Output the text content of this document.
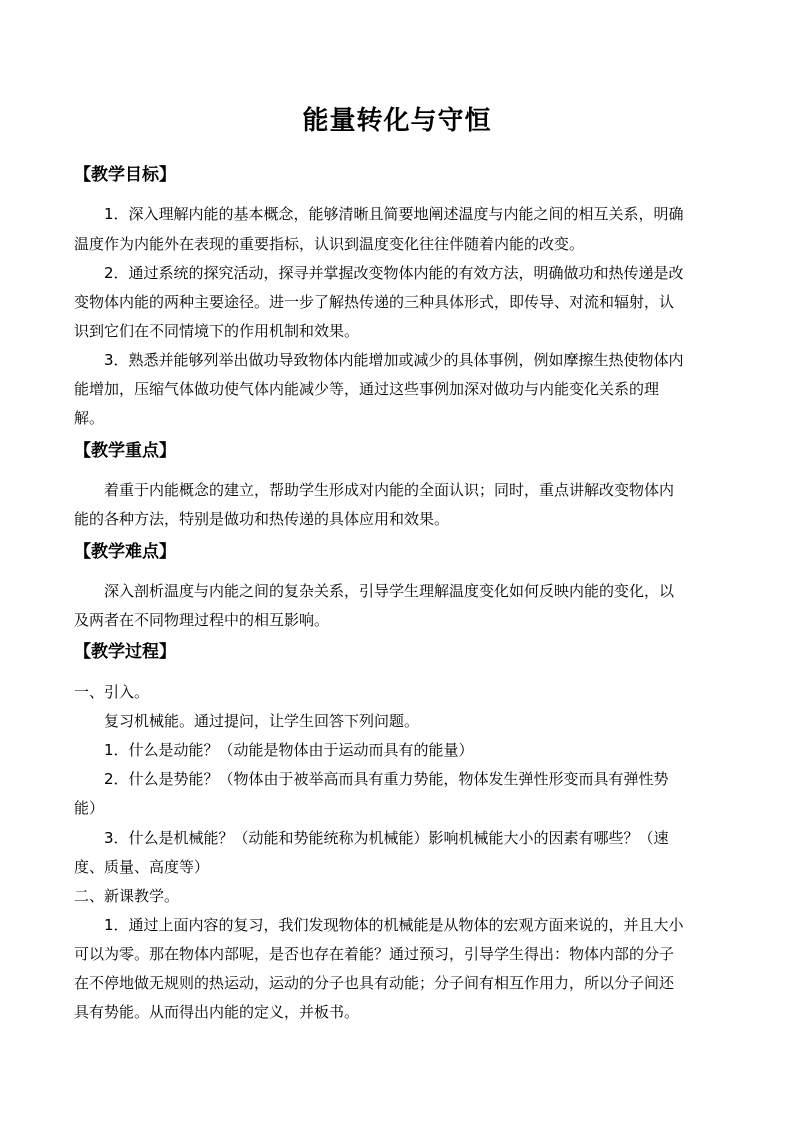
能量转化与守恒
【教学目标】
1．深入理解内能的基本概念，能够清晰且简要地阐述温度与内能之间的相互关系，明确
温度作为内能外在表现的重要指标，认识到温度变化往往伴随着内能的改变。
2．通过系统的探究活动，探寻并掌握改变物体内能的有效方法，明确做功和热传递是改
变物体内能的两种主要途径。进一步了解热传递的三种具体形式，即传导、对流和辐射，认
识到它们在不同情境下的作用机制和效果。
3．熟悉并能够列举出做功导致物体内能增加或减少的具体事例，例如摩擦生热使物体内
能增加，压缩气体做功使气体内能减少等，通过这些事例加深对做功与内能变化关系的理
解。
【教学重点】
着重于内能概念的建立，帮助学生形成对内能的全面认识；同时，重点讲解改变物体内
能的各种方法，特别是做功和热传递的具体应用和效果。
【教学难点】
深入剖析温度与内能之间的复杂关系，引导学生理解温度变化如何反映内能的变化，以
及两者在不同物理过程中的相互影响。
【教学过程】
一、引入。
复习机械能。通过提问，让学生回答下列问题。
1．什么是动能？（动能是物体由于运动而具有的能量）
2．什么是势能？（物体由于被举高而具有重力势能，物体发生弹性形变而具有弹性势
能）
3．什么是机械能？（动能和势能统称为机械能）影响机械能大小的因素有哪些？（速
度、质量、高度等）
二、新课教学。
1．通过上面内容的复习，我们发现物体的机械能是从物体的宏观方面来说的，并且大小
可以为零。那在物体内部呢，是否也存在着能？通过预习，引导学生得出：物体内部的分子
在不停地做无规则的热运动，运动的分子也具有动能；分子间有相互作用力，所以分子间还
具有势能。从而得出内能的定义，并板书。
